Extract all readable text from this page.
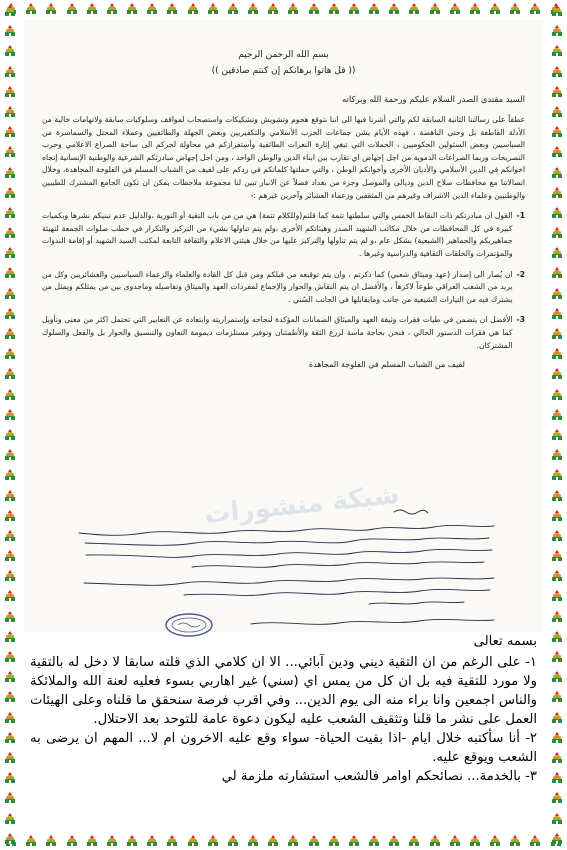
بسم الله الرحمن الرحيم
(( قل هاتوا برهانكم إن كنتم صادقين ))
السيد مقتدى الصدر السلام عليكم ورحمة الله وبركاته
عطفاً على رسالتنا الثانية السابقة لكم والتي أشرنا فيها الى اننا نتوقع هجوم وتشويش وتشكيكات واستصحاب لمواقف وسلوكيات سابقة ولاتهامات خالية من الأدلة القاطعة بل وحتى الناهضة ، فهذه الأيام يشن جماعات الحزب الأسلامي والتكفيريين وبعض الجهلة والطائفيين وعملاء المحتل والسماسرة من السياسيين وبعض السئولين الحكوميين ، الحملات التي تبغي إثارة النعرات الطائفية وأستفزازكم في محاولة لجركم الى ساحة الصراع الاعلامي وحرب التصريحات وربما الصراعات الدموية من اجل إجهاض اي تقارب بين ابناء الدين والوطن الواحد ، ومن اجل إجهاض مبادرتكم الشرعية والوطنية الإنسانية إتجاه اخوانكم في الدين الأسلامي والأديان الأخرى وأخوانكم الوطن ، والتي حملتها كلماتكم في ردكم على لفيف من الشباب المسلم في الفلوجة المجاهدة، وخلال اتصالاتنا مع محافظات صلاح الدين وديالى والموصل وجزء من بغداد فضلاً عن الانبار تبين لنا مجموعة ملاحظات يمكن ان تكون الجامع المشترك للطيبين والوطنيين وعلماء الدين الاشراف وغيرهم من المثقفين وزعماء العشائر وآخرين غيرهم :-
1-
القول ان مبادرتكم ذات النقاط الخمس والتي سلطتها تتمة كما قلتم(وللكلام تتمة) هي من من باب التقية أو التورية ،والدليل عدم تبنيكم نشرها وبكميات كبيرة في كل المحافظات من خلال مكاتب الشهيد الصدر وهيئاتكم الأخرى ،ولم يتم تناولها بشيء من التركيز والتكرار في خطب صلوات الجمعة لتهيئة جماهيريكم والجماهير (الشيعية) بشكل عام ،و لم يتم تناولها والتركيز عليها من خلال هيئتي الاعلام والثقافة التابعة لمكتب السيد الشهيد أو إقامة الندوات والمؤتمرات والحلقات الثقافية والدراسية وغيرها .
2-
ان يُصار الى إصدار (عهد وميثاق شعبي) كما ذكرتم ، وان يتم توقيعه من قبلكم ومن قبل كل القادة والعلماء والزعماء السياسيين والعشائريين وكل من يريد من الشعب العراقي طوعاً لاكرهاً ، والأفضل ان يتم النقاش والحوار والإجماع لمفردات العهد والميثاق وتفاصيله وماجدوى بين من يمثلكم ويمثل من يشترك فيه من التيارات الشيعية من جانب ومايقابلها في الجانب السُني .
3-
الأفضل ان يتضمن في طيات فقرات وثيقة العهد والميثاق الضمانات المؤكدة لنجاحه وإستمراريته وابتعاده عن التعابير التي تحتمل اكثر من معنى وتأويل كما هي فقرات الدستور الحالي ، فنحن بحاجة ماسة لزرع الثقة والأطمئنان وتوفير مستلزمات ديمومة التعاون والتنسيق والحوار بل والفعل والسلوك المشتركان.
لفيف من الشباب المسلم في الفلوجة المجاهدة
شبكة منشورات
بسمه تعالى
١- على الرغم من ان التقية ديني ودين آبائي... الا ان كلامي الذي قلته سابقا لا دخل له بالتقية ولا مورد للتقية فيه بل ان كل من يمس اي (سني) غير اهاربي بسوء فعليه لعنة الله والملائكة والناس اجمعين وانا براء منه الى يوم الدين... وفي اقرب فرصة سنحقق ما قلناه وعلى الهيئات العمل على نشر ما قلنا وتثقيف الشعب عليه ليكون دعوة عامة للتوحد بعد الاحتلال.
٢- أنا سأكتبه خلال ايام -اذا بقيت الحياة- سواء وقع عليه الاخرون ام لا... المهم ان يرضى به الشعب ويوقع عليه.
٣- بالخدمة... نصائحكم اوامر فالشعب استشارته ملزمة لي
